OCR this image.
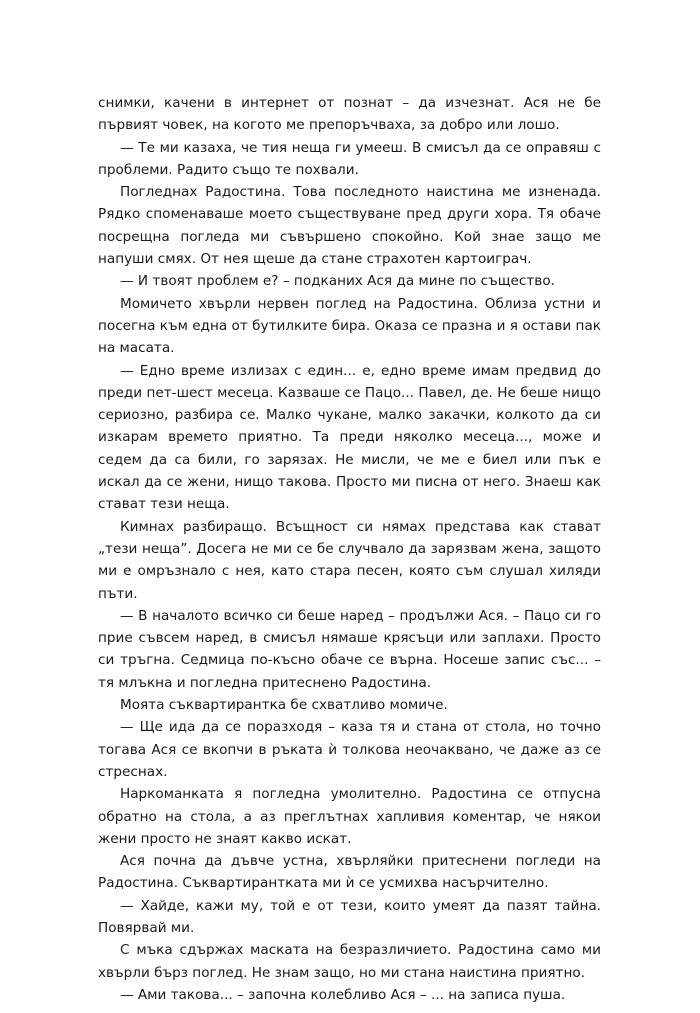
снимки, качени в интернет от познат – да изчезнат. Ася не бе първият човек, на когото ме препоръчваха, за добро или лошо.

— Те ми казаха, че тия неща ги умееш. В смисъл да се оправяш с проблеми. Радито също те похвали.

Погледнах Радостина. Това последното наистина ме изненада. Рядко споменаваше моето съществуване пред други хора. Тя обаче посрещна погледа ми съвършено спокойно. Кой знае защо ме напуши смях. От нея щеше да стане страхотен картоиграч.

— И твоят проблем е? – подканих Ася да мине по същество.

Момичето хвърли нервен поглед на Радостина. Облиза устни и посегна към една от бутилките бира. Оказа се празна и я остави пак на масата.

— Едно време излизах с един... е, едно време имам предвид до преди пет-шест месеца. Казваше се Пацо... Павел, де. Не беше нищо сериозно, разбира се. Малко чукане, малко закачки, колкото да си изкарам времето приятно. Та преди няколко месеца..., може и седем да са били, го зарязах. Не мисли, че ме е биел или пък е искал да се жени, нищо такова. Просто ми писна от него. Знаеш как стават тези неща.

Кимнах разбиращо. Всъщност си нямах представа как стават „тези неща”. Досега не ми се бе случвало да зарязвам жена, защото ми е омръзнало с нея, като стара песен, която съм слушал хиляди пъти.

— В началото всичко си беше наред – продължи Ася. – Пацо си го прие съвсем наред, в смисъл нямаше крясъци или заплахи. Просто си тръгна. Седмица по-късно обаче се върна. Носеше запис със... – тя млъкна и погледна притеснено Радостина.

Моята съквартирантка бе схватливо момиче.

— Ще ида да се поразходя – каза тя и стана от стола, но точно тогава Ася се вкопчи в ръката ѝ толкова неочаквано, че даже аз се стреснах.

Наркоманката я погледна умолително. Радостина се отпусна обратно на стола, а аз преглътнах хапливия коментар, че някои жени просто не знаят какво искат.

Ася почна да дъвче устна, хвърляйки притеснени погледи на Радостина. Съквартирантката ми ѝ се усмихва насърчително.

— Хайде, кажи му, той е от тези, които умеят да пазят тайна. Повярвай ми.

С мъка сдържах маската на безразличието. Радостина само ми хвърли бърз поглед. Не знам защо, но ми стана наистина приятно.

— Ами такова... – започна колебливо Ася – ... на записа пуша.
